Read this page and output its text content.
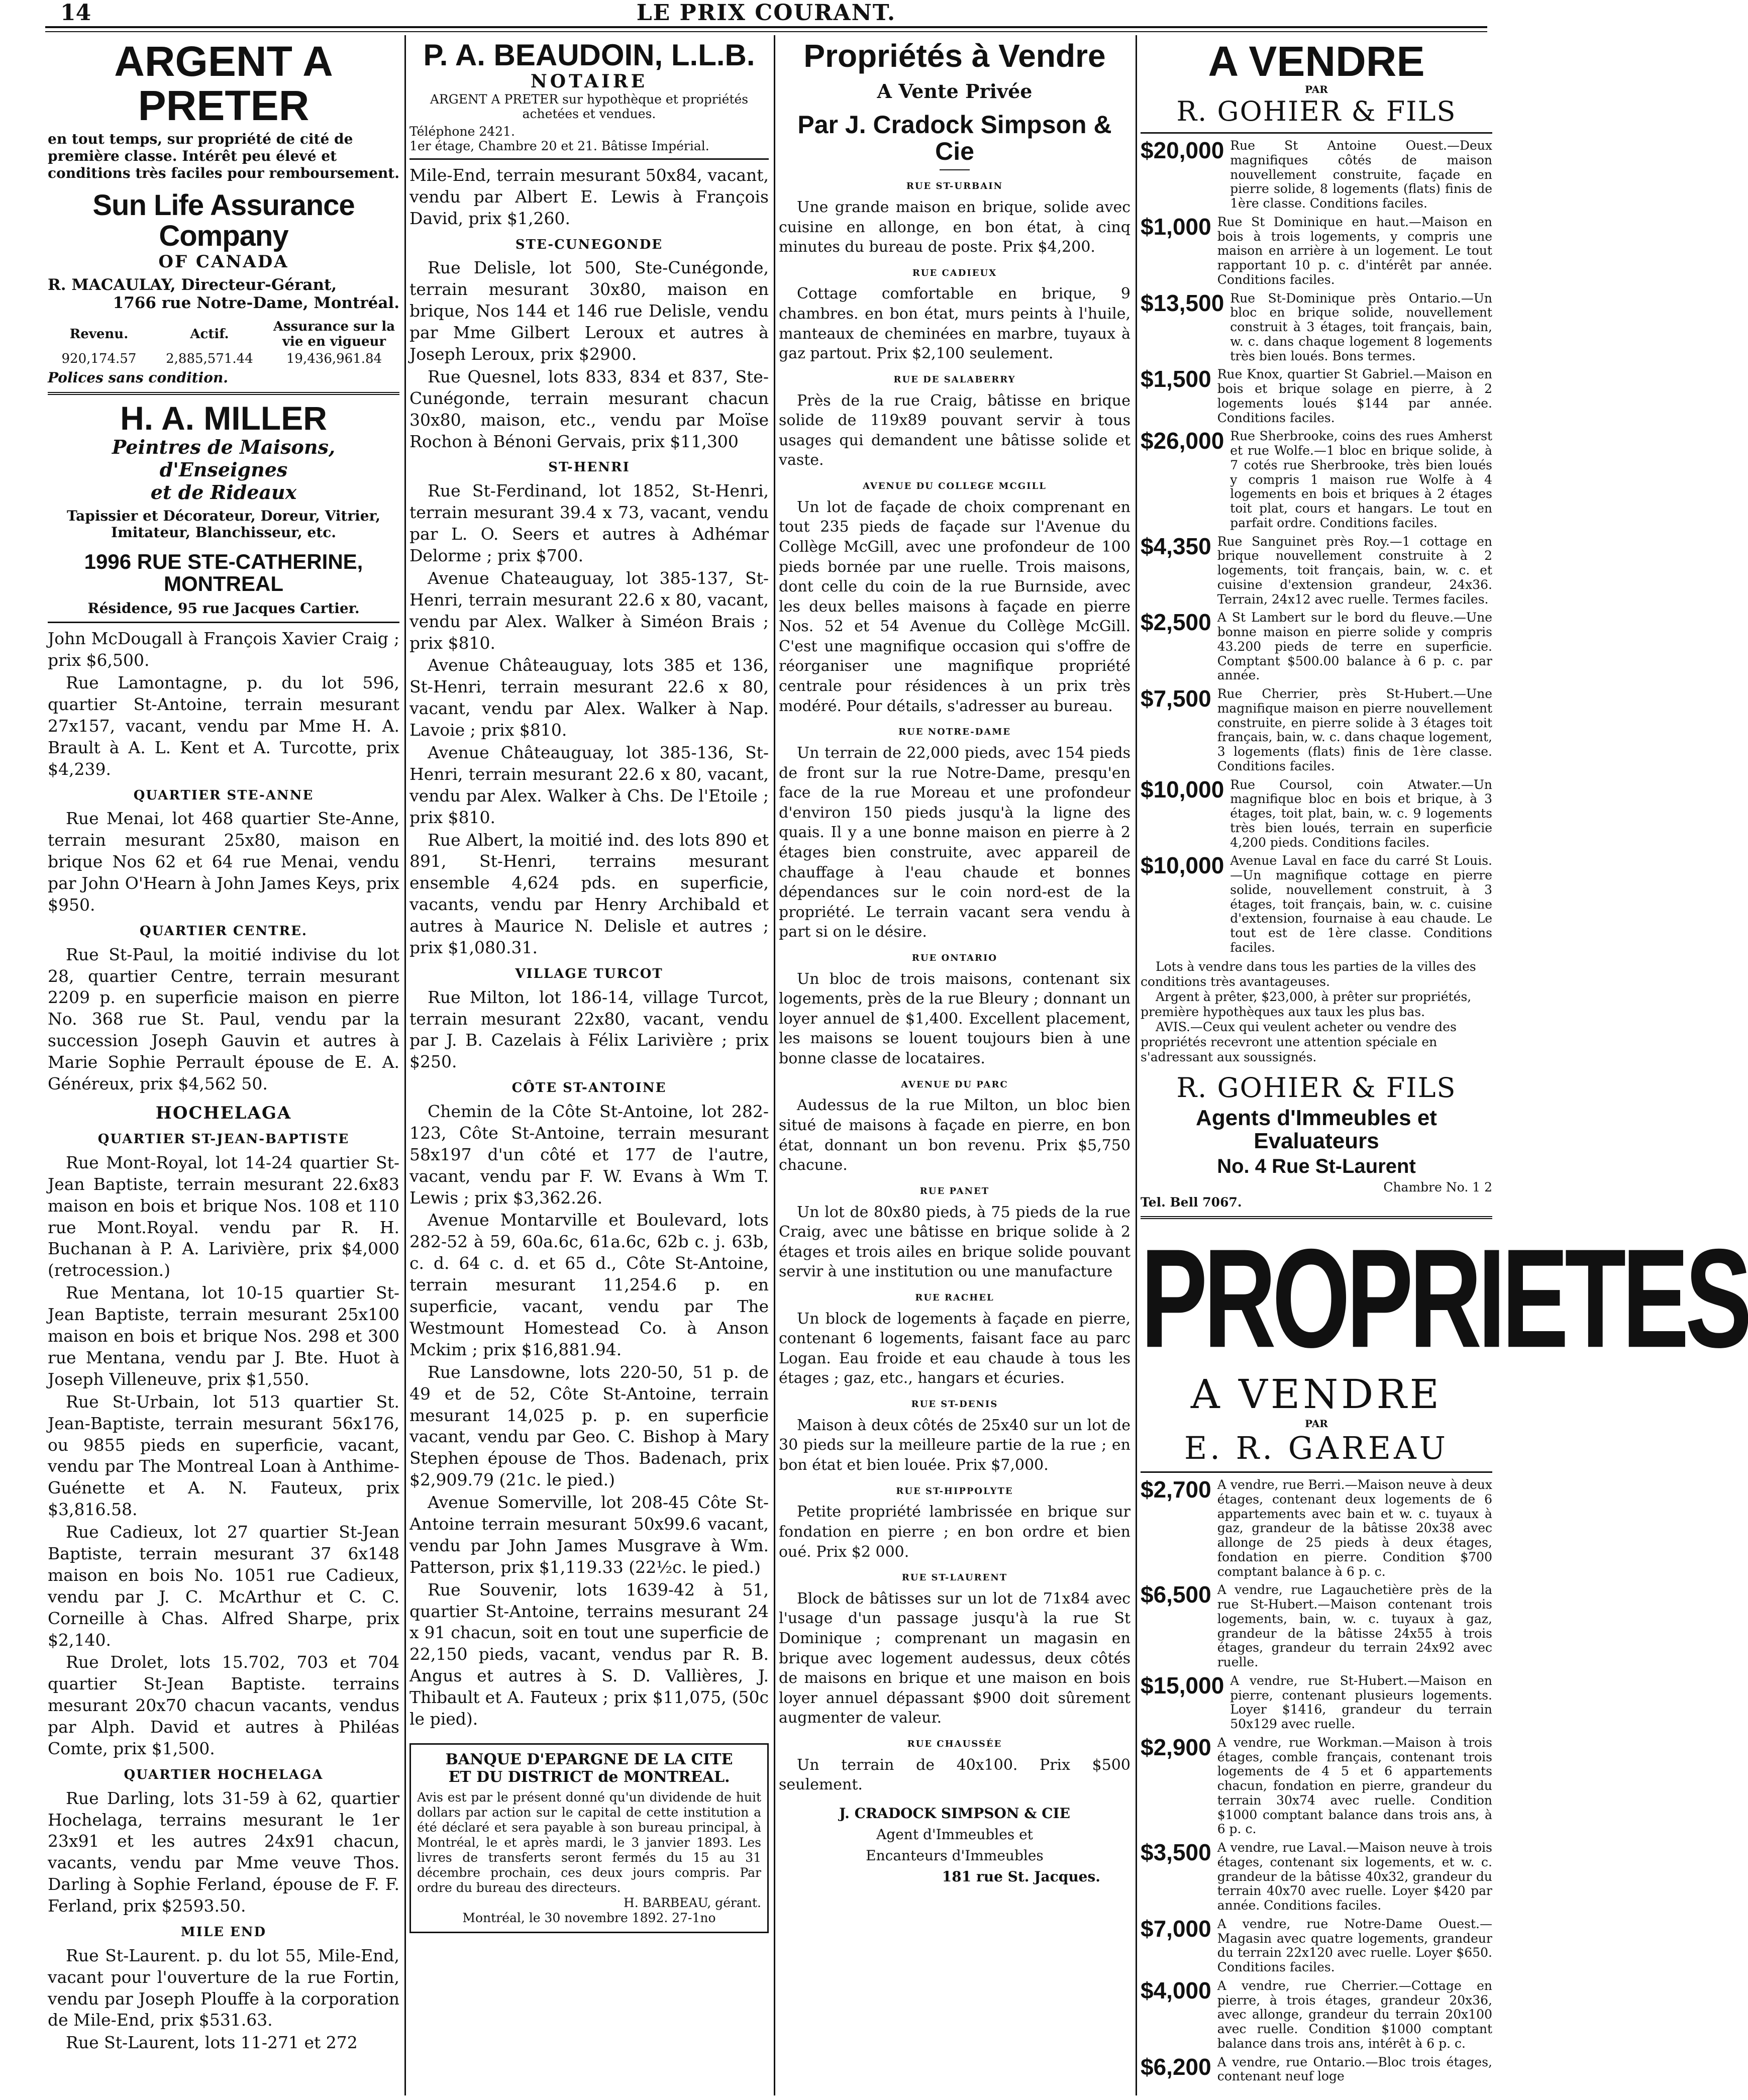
14	LE PRIX COURANT.
ARGENT A PRETER
en tout temps, sur propriété de cité de première classe. Intérêt peu élevé et conditions très faciles pour remboursement.
Sun Life Assurance Company
OF CANADA
R. MACAULAY, Directeur-Gérant,
1766 rue Notre-Dame, Montréal.
Revenu.	Actif.	Assurance sur la vie en vigueur
920,174.57	2,885,571.44	19,436,961.84
Polices sans condition.
H. A. MILLER
Peintres de Maisons, d'Enseignes
et de Rideaux
Tapissier et Décorateur, Doreur, Vitrier, Imitateur, Blanchisseur, etc.
1996 RUE STE-CATHERINE, MONTREAL
Résidence, 95 rue Jacques Cartier.

John McDougall à François Xavier Craig ; prix $6,500.

Rue Lamontagne, p. du lot 596, quartier St-Antoine, terrain mesurant 27x157, vacant, vendu par Mme H. A. Brault à A. L. Kent et A. Turcotte, prix $4,239.

QUARTIER STE-ANNE

Rue Menai, lot 468 quartier Ste-Anne, terrain mesurant 25x80, maison en brique Nos 62 et 64 rue Menai, vendu par John O'Hearn à John James Keys, prix $950.

QUARTIER CENTRE.

Rue St-Paul, la moitié indivise du lot 28, quartier Centre, terrain mesurant 2209 p. en superficie maison en pierre No. 368 rue St. Paul, vendu par la succession Joseph Gauvin et autres à Marie Sophie Perrault épouse de E. A. Généreux, prix $4,562 50.

HOCHELAGA
QUARTIER ST-JEAN-BAPTISTE

Rue Mont-Royal, lot 14-24 quartier St-Jean Baptiste, terrain mesurant 22.6x83 maison en bois et brique Nos. 108 et 110 rue Mont.Royal. vendu par R. H. Buchanan à P. A. Larivière, prix $4,000 (retrocession.)

Rue Mentana, lot 10-15 quartier St-Jean Baptiste, terrain mesurant 25x100 maison en bois et brique Nos. 298 et 300 rue Mentana, vendu par J. Bte. Huot à Joseph Villeneuve, prix $1,550.

Rue St-Urbain, lot 513 quartier St. Jean-Baptiste, terrain mesurant 56x176, ou 9855 pieds en superficie, vacant, vendu par The Montreal Loan à Anthime-Guénette et A. N. Fauteux, prix $3,816.58.

Rue Cadieux, lot 27 quartier St-Jean Baptiste, terrain mesurant 37 6x148 maison en bois No. 1051 rue Cadieux, vendu par J. C. McArthur et C. C. Corneille à Chas. Alfred Sharpe, prix $2,140.

Rue Drolet, lots 15.702, 703 et 704 quartier St-Jean Baptiste. terrains mesurant 20x70 chacun vacants, vendus par Alph. David et autres à Philéas Comte, prix $1,500.

QUARTIER HOCHELAGA

Rue Darling, lots 31-59 à 62, quartier Hochelaga, terrains mesurant le 1er 23x91 et les autres 24x91 chacun, vacants, vendu par Mme veuve Thos. Darling à Sophie Ferland, épouse de F. F. Ferland, prix $2593.50.

MILE END

Rue St-Laurent. p. du lot 55, Mile-End, vacant pour l'ouverture de la rue Fortin, vendu par Joseph Plouffe à la corporation de Mile-End, prix $531.63.

Rue St-Laurent, lots 11-271 et 272

P. A. BEAUDOIN, L.L.B.
NOTAIRE
ARGENT A PRETER sur hypothèque et propriétés achetées et vendues.
Téléphone 2421.
1er étage, Chambre 20 et 21. Bâtisse Impérial.

Mile-End, terrain mesurant 50x84, vacant, vendu par Albert E. Lewis à François David, prix $1,260.

STE-CUNEGONDE

Rue Delisle, lot 500, Ste-Cunégonde, terrain mesurant 30x80, maison en brique, Nos 144 et 146 rue Delisle, vendu par Mme Gilbert Leroux et autres à Joseph Leroux, prix $2900.

Rue Quesnel, lots 833, 834 et 837, Ste-Cunégonde, terrain mesurant chacun 30x80, maison, etc., vendu par Moïse Rochon à Bénoni Gervais, prix $11,300

ST-HENRI

Rue St-Ferdinand, lot 1852, St-Henri, terrain mesurant 39.4 x 73, vacant, vendu par L. O. Seers et autres à Adhémar Delorme ; prix $700.

Avenue Chateauguay, lot 385-137, St-Henri, terrain mesurant 22.6 x 80, vacant, vendu par Alex. Walker à Siméon Brais ; prix $810.

Avenue Châteauguay, lots 385 et 136, St-Henri, terrain mesurant 22.6 x 80, vacant, vendu par Alex. Walker à Nap. Lavoie ; prix $810.

Avenue Châteauguay, lot 385-136, St-Henri, terrain mesurant 22.6 x 80, vacant, vendu par Alex. Walker à Chs. De l'Etoile ; prix $810.

Rue Albert, la moitié ind. des lots 890 et 891, St-Henri, terrains mesurant ensemble 4,624 pds. en superficie, vacants, vendu par Henry Archibald et autres à Maurice N. Delisle et autres ; prix $1,080.31.

VILLAGE TURCOT

Rue Milton, lot 186-14, village Turcot, terrain mesurant 22x80, vacant, vendu par J. B. Cazelais à Félix Larivière ; prix $250.

CÔTE ST-ANTOINE

Chemin de la Côte St-Antoine, lot 282-123, Côte St-Antoine, terrain mesurant 58x197 d'un côté et 177 de l'autre, vacant, vendu par F. W. Evans à Wm T. Lewis ; prix $3,362.26.

Avenue Montarville et Boulevard, lots 282-52 à 59, 60a.6c, 61a.6c, 62b c. j. 63b, c. d. 64 c. d. et 65 d., Côte St-Antoine, terrain mesurant 11,254.6 p. en superficie, vacant, vendu par The Westmount Homestead Co. à Anson Mckim ; prix $16,881.94.

Rue Lansdowne, lots 220-50, 51 p. de 49 et de 52, Côte St-Antoine, terrain mesurant 14,025 p. p. en superficie vacant, vendu par Geo. C. Bishop à Mary Stephen épouse de Thos. Badenach, prix $2,909.79 (21c. le pied.)

Avenue Somerville, lot 208-45 Côte St-Antoine terrain mesurant 50x99.6 vacant, vendu par John James Musgrave à Wm. Patterson, prix $1,119.33 (22½c. le pied.)

Rue Souvenir, lots 1639-42 à 51, quartier St-Antoine, terrains mesurant 24 x 91 chacun, soit en tout une superficie de 22,150 pieds, vacant, vendus par R. B. Angus et autres à S. D. Vallières, J. Thibault et A. Fauteux ; prix $11,075, (50c le pied).

BANQUE D'EPARGNE DE LA CITE
ET DU DISTRICT de MONTREAL.
Avis est par le présent donné qu'un dividende de huit dollars par action sur le capital de cette institution a été déclaré et sera payable à son bureau principal, à Montréal, le et après mardi, le 3 janvier 1893. Les livres de transferts seront fermés du 15 au 31 décembre prochain, ces deux jours compris. Par ordre du bureau des directeurs.
H. BARBEAU, gérant.
Montréal, le 30 novembre 1892. 27-1no
Propriétés à Vendre
A Vente Privée
Par J. Cradock Simpson & Cie
RUE ST-URBAIN

Une grande maison en brique, solide avec cuisine en allonge, en bon état, à cinq minutes du bureau de poste. Prix $4,200.

RUE CADIEUX

Cottage comfortable en brique, 9 chambres. en bon état, murs peints à l'huile, manteaux de cheminées en marbre, tuyaux à gaz partout. Prix $2,100 seulement.

RUE DE SALABERRY

Près de la rue Craig, bâtisse en brique solide de 119x89 pouvant servir à tous usages qui demandent une bâtisse solide et vaste.

AVENUE DU COLLEGE MCGILL

Un lot de façade de choix comprenant en tout 235 pieds de façade sur l'Avenue du Collège McGill, avec une profondeur de 100 pieds bornée par une ruelle. Trois maisons, dont celle du coin de la rue Burnside, avec les deux belles maisons à façade en pierre Nos. 52 et 54 Avenue du Collège McGill. C'est une magnifique occasion qui s'offre de réorganiser une magnifique propriété centrale pour résidences à un prix très modéré. Pour détails, s'adresser au bureau.

RUE NOTRE-DAME

Un terrain de 22,000 pieds, avec 154 pieds de front sur la rue Notre-Dame, presqu'en face de la rue Moreau et une profondeur d'environ 150 pieds jusqu'à la ligne des quais. Il y a une bonne maison en pierre à 2 étages bien construite, avec appareil de chauffage à l'eau chaude et bonnes dépendances sur le coin nord-est de la propriété. Le terrain vacant sera vendu à part si on le désire.

RUE ONTARIO

Un bloc de trois maisons, contenant six logements, près de la rue Bleury ; donnant un loyer annuel de $1,400. Excellent placement, les maisons se louent toujours bien à une bonne classe de locataires.

AVENUE DU PARC

Audessus de la rue Milton, un bloc bien situé de maisons à façade en pierre, en bon état, donnant un bon revenu. Prix $5,750 chacune.

RUE PANET

Un lot de 80x80 pieds, à 75 pieds de la rue Craig, avec une bâtisse en brique solide à 2 étages et trois ailes en brique solide pouvant servir à une institution ou une manufacture

RUE RACHEL

Un block de logements à façade en pierre, contenant 6 logements, faisant face au parc Logan. Eau froide et eau chaude à tous les étages ; gaz, etc., hangars et écuries.

RUE ST-DENIS

Maison à deux côtés de 25x40 sur un lot de 30 pieds sur la meilleure partie de la rue ; en bon état et bien louée. Prix $7,000.

RUE ST-HIPPOLYTE

Petite propriété lambrissée en brique sur fondation en pierre ; en bon ordre et bien oué. Prix $2 000.

RUE ST-LAURENT

Block de bâtisses sur un lot de 71x84 avec l'usage d'un passage jusqu'à la rue St Dominique ; comprenant un magasin en brique avec logement audessus, deux côtés de maisons en brique et une maison en bois loyer annuel dépassant $900 doit sûrement augmenter de valeur.

RUE CHAUSSÉE

Un terrain de 40x100. Prix $500 seulement.

J. CRADOCK SIMPSON & CIE
Agent d'Immeubles et
Encanteurs d'Immeubles
181 rue St. Jacques.
A VENDRE
PAR
R. GOHIER & FILS
$20,000 Rue St Antoine Ouest.—Deux magnifiques côtés de maison nouvellement construite, façade en pierre solide, 8 logements (flats) finis de 1ère classe. Conditions faciles.
$1,000 Rue St Dominique en haut.—Maison en bois à trois logements, y compris une maison en arrière à un logement. Le tout rapportant 10 p. c. d'intérêt par année. Conditions faciles.
$13,500 Rue St-Dominique près Ontario.—Un bloc en brique solide, nouvellement construit à 3 étages, toit français, bain, w. c. dans chaque logement 8 logements très bien loués. Bons termes.
$1,500 Rue Knox, quartier St Gabriel.—Maison en bois et brique solage en pierre, à 2 logements loués $144 par année. Conditions faciles.
$26,000 Rue Sherbrooke, coins des rues Amherst et rue Wolfe.—1 bloc en brique solide, à 7 cotés rue Sherbrooke, très bien loués y compris 1 maison rue Wolfe à 4 logements en bois et briques à 2 étages toit plat, cours et hangars. Le tout en parfait ordre. Conditions faciles.
$4,350 Rue Sanguinet près Roy.—1 cottage en brique nouvellement construite à 2 logements, toit français, bain, w. c. et cuisine d'extension grandeur, 24x36. Terrain, 24x12 avec ruelle. Termes faciles.
$2,500 A St Lambert sur le bord du fleuve.—Une bonne maison en pierre solide y compris 43.200 pieds de terre en superficie. Comptant $500.00 balance à 6 p. c. par année.
$7,500 Rue Cherrier, près St-Hubert.—Une magnifique maison en pierre nouvellement construite, en pierre solide à 3 étages toit français, bain, w. c. dans chaque logement, 3 logements (flats) finis de 1ère classe. Conditions faciles.
$10,000 Rue Coursol, coin Atwater.—Un magnifique bloc en bois et brique, à 3 étages, toit plat, bain, w. c. 9 logements très bien loués, terrain en superficie 4,200 pieds. Conditions faciles.
$10,000 Avenue Laval en face du carré St Louis.—Un magnifique cottage en pierre solide, nouvellement construit, à 3 étages, toit français, bain, w. c. cuisine d'extension, fournaise à eau chaude. Le tout est de 1ère classe. Conditions faciles.
Lots à vendre dans tous les parties de la villes des conditions très avantageuses.
Argent à prêter, $23,000, à prêter sur propriétés, première hypothèques aux taux les plus bas.
AVIS.—Ceux qui veulent acheter ou vendre des propriétés recevront une attention spéciale en s'adressant aux soussignés.
R. GOHIER & FILS
Agents d'Immeubles et Evaluateurs
No. 4 Rue St-Laurent
Chambre No. 1 2
Tel. Bell 7067.
PROPRIETES
A VENDRE
PAR
E. R. GAREAU
$2,700 A vendre, rue Berri.—Maison neuve à deux étages, contenant deux logements de 6 appartements avec bain et w. c. tuyaux à gaz, grandeur de la bâtisse 20x38 avec allonge de 25 pieds à deux étages, fondation en pierre. Condition $700 comptant balance à 6 p. c.
$6,500 A vendre, rue Lagauchetière près de la rue St-Hubert.—Maison contenant trois logements, bain, w. c. tuyaux à gaz, grandeur de la bâtisse 24x55 à trois étages, grandeur du terrain 24x92 avec ruelle.
$15,000 A vendre, rue St-Hubert.—Maison en pierre, contenant plusieurs logements. Loyer $1416, grandeur du terrain 50x129 avec ruelle.
$2,900 A vendre, rue Workman.—Maison à trois étages, comble français, contenant trois logements de 4 5 et 6 appartements chacun, fondation en pierre, grandeur du terrain 30x74 avec ruelle. Condition $1000 comptant balance dans trois ans, à 6 p. c.
$3,500 A vendre, rue Laval.—Maison neuve à trois étages, contenant six logements, et w. c. grandeur de la bâtisse 40x32, grandeur du terrain 40x70 avec ruelle. Loyer $420 par année. Conditions faciles.
$7,000 A vendre, rue Notre-Dame Ouest.—Magasin avec quatre logements, grandeur du terrain 22x120 avec ruelle. Loyer $650. Conditions faciles.
$4,000 A vendre, rue Cherrier.—Cottage en pierre, à trois étages, grandeur 20x36, avec allonge, grandeur du terrain 20x100 avec ruelle. Condition $1000 comptant balance dans trois ans, intérêt à 6 p. c.
$6,200 A vendre, rue Ontario.—Bloc trois étages, contenant neuf loge
